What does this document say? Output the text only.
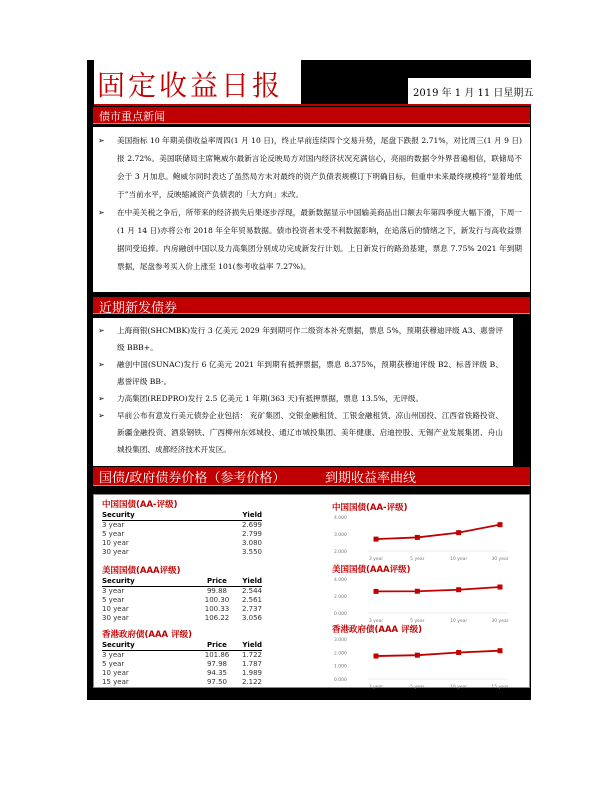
固定收益日报	2019 年 1 月 11 日星期五
债市重点新闻
➢ 美国指标 10 年期美债收益率周四(1 月 10 日)，终止早前连续四个交易升势，尾盘下跌报 2.71%，对比周三(1 月 9 日)报 2.72%。美国联储局主席鲍威尔最新言论反映局方对国内经济状况充满信心，亮丽的数据令外界普遍相信，联储局不会于 3 月加息。鲍威尔同时表达了虽然局方未对最终的资产负债表规模订下明确目标，但重申未来最终规模将“显着地低于”当前水平，反映缩减资产负债表的「大方向」未改。
➢ 在中美关税之争后，所带来的经济损失后果逐步浮现，最新数据显示中国输美商品出口额去年第四季度大幅下滑，下周一(1 月 14 日)亦将公布 2018 年全年贸易数据。债市投资者未受不利数据影响，在追落后的情绪之下，新发行与高收益票据同受追捧。内房融创中国以及力高集团分别成功完成新发行计划。上日新发行的路劲基建，票息 7.75% 2021 年到期票据，尾盘参考买入价上涨至 101(参考收益率 7.27%)。
近期新发债券
➢ 上海商银(SHCMBK)发行 3 亿美元 2029 年到期可作二级资本补充票据，票息 5%，预期获穆迪评级 A3、惠誉评级 BBB+。
➢ 融创中国(SUNAC)发行 6 亿美元 2021 年到期有抵押票据，票息 8.375%，预期获穆迪评级 B2、标普评级 B、惠誉评级 BB-。
➢ 力高集团(REDPRO)发行 2.5 亿美元 1 年期(363 天)有抵押票据，票息 13.5%，无评级。
➢ 早前公布有意发行美元债券企业包括： 兖矿集团、交银金融租赁、工银金融租赁、凉山州国投、江西省铁路投资、新疆金融投资、酒泉钢铁、广西柳州东郊城投、通辽市城投集团、美年健康、启迪控股、无锡产业发展集团、舟山城投集团、成都经济技术开发区。
国债/政府债券价格（参考价格）	到期收益率曲线
中国国债(AA-评级)
Security	Yield
3 year	2.699
5 year	2.799
10 year	3.080
30 year	3.550
美国国债(AAA评级)
Security	Price	Yield
3 year	99.88	2.544
5 year	100.30	2.561
10 year	100.33	2.737
30 year	106.22	3.056
香港政府债(AAA 评级)
Security	Price	Yield
3 year	101.86	1.722
5 year	97.98	1.787
10 year	94.35	1.989
15 year	97.50	2.122
中国国债(AA-评级)
4.000
3.000
2.000
3 year	5 year	10 year	30 year
美国国债(AAA评级)
4.000
2.000
0.000
3 year	5 year	10 year	30 year
香港政府债(AAA 评级)
3.000
2.000
1.000
0.000
3 year	5 year	10 year	15 year
